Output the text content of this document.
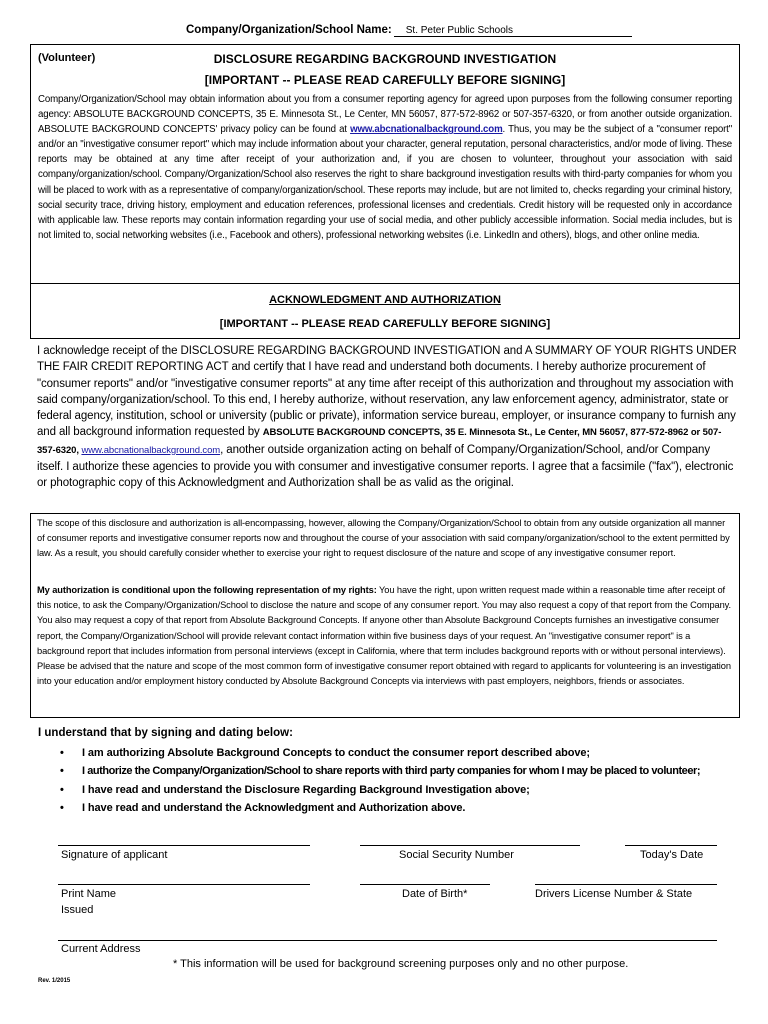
Company/Organization/School Name: St. Peter Public Schools
DISCLOSURE REGARDING BACKGROUND INVESTIGATION
(Volunteer)
[IMPORTANT -- PLEASE READ CAREFULLY BEFORE SIGNING]
Company/Organization/School may obtain information about you from a consumer reporting agency for agreed upon purposes from the following consumer reporting agency: ABSOLUTE BACKGROUND CONCEPTS, 35 E. Minnesota St., Le Center, MN 56057, 877-572-8962 or 507-357-6320, or from another outside organization. ABSOLUTE BACKGROUND CONCEPTS' privacy policy can be found at www.abcnationalbackground.com. Thus, you may be the subject of a "consumer report" and/or an "investigative consumer report" which may include information about your character, general reputation, personal characteristics, and/or mode of living. These reports may be obtained at any time after receipt of your authorization and, if you are chosen to volunteer, throughout your association with said company/organization/school. Company/Organization/School also reserves the right to share background investigation results with third-party companies for whom you will be placed to work with as a representative of company/organization/school. These reports may include, but are not limited to, checks regarding your criminal history, social security trace, driving history, employment and education references, professional licenses and credentials. Credit history will be requested only in accordance with applicable law. These reports may contain information regarding your use of social media, and other publicly accessible information. Social media includes, but is not limited to, social networking websites (i.e., Facebook and others), professional networking websites (i.e. LinkedIn and others), blogs, and other online media.
ACKNOWLEDGMENT AND AUTHORIZATION
[IMPORTANT -- PLEASE READ CAREFULLY BEFORE SIGNING]
I acknowledge receipt of the DISCLOSURE REGARDING BACKGROUND INVESTIGATION and A SUMMARY OF YOUR RIGHTS UNDER THE FAIR CREDIT REPORTING ACT and certify that I have read and understand both documents. I hereby authorize procurement of "consumer reports" and/or "investigative consumer reports" at any time after receipt of this authorization and throughout my association with said company/organization/school. To this end, I hereby authorize, without reservation, any law enforcement agency, administrator, state or federal agency, institution, school or university (public or private), information service bureau, employer, or insurance company to furnish any and all background information requested by ABSOLUTE BACKGROUND CONCEPTS, 35 E. Minnesota St., Le Center, MN 56057, 877-572-8962 or 507-357-6320, www.abcnationalbackground.com, another outside organization acting on behalf of Company/Organization/School, and/or Company itself. I authorize these agencies to provide you with consumer and investigative consumer reports. I agree that a facsimile ("fax"), electronic or photographic copy of this Acknowledgment and Authorization shall be as valid as the original.
The scope of this disclosure and authorization is all-encompassing, however, allowing the Company/Organization/School to obtain from any outside organization all manner of consumer reports and investigative consumer reports now and throughout the course of your association with said company/organization/school to the extent permitted by law. As a result, you should carefully consider whether to exercise your right to request disclosure of the nature and scope of any investigative consumer report.
My authorization is conditional upon the following representation of my rights: You have the right, upon written request made within a reasonable time after receipt of this notice, to ask the Company/Organization/School to disclose the nature and scope of any consumer report. You may also request a copy of that report from the Company. You also may request a copy of that report from Absolute Background Concepts. If anyone other than Absolute Background Concepts furnishes an investigative consumer report, the Company/Organization/School will provide relevant contact information within five business days of your request. An "investigative consumer report" is a background report that includes information from personal interviews (except in California, where that term includes background reports with or without personal interviews). Please be advised that the nature and scope of the most common form of investigative consumer report obtained with regard to applicants for volunteering is an investigation into your education and/or employment history conducted by Absolute Background Concepts via interviews with past employers, neighbors, friends or associates.
I understand that by signing and dating below:
• I am authorizing Absolute Background Concepts to conduct the consumer report described above;
• I authorize the Company/Organization/School to share reports with third party companies for whom I may be placed to volunteer;
• I have read and understand the Disclosure Regarding Background Investigation above;
• I have read and understand the Acknowledgment and Authorization above.
Signature of applicant	Social Security Number	Today's Date
Print Name	Date of Birth*	Drivers License Number & State
Issued
Current Address
* This information will be used for background screening purposes only and no other purpose.
Rev. 1/2015
